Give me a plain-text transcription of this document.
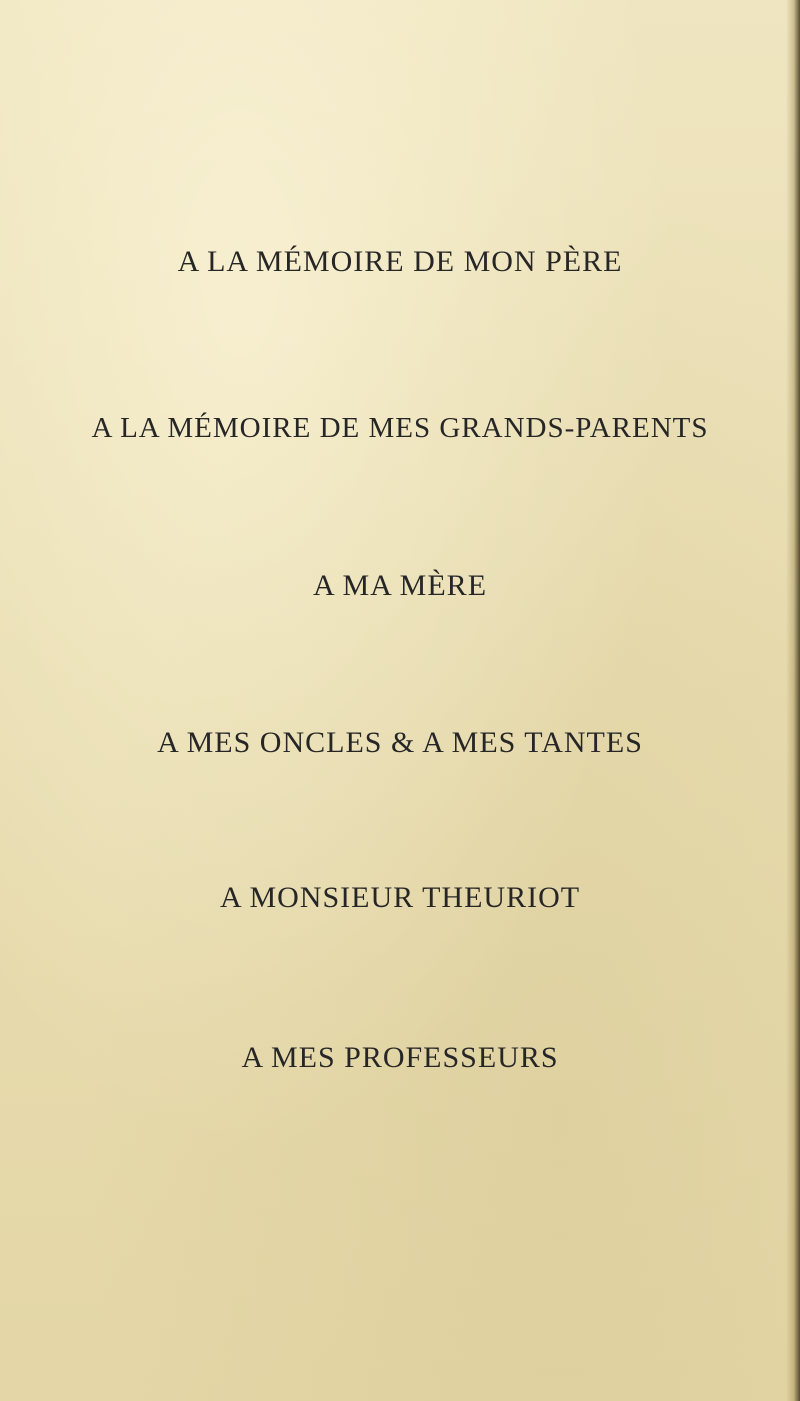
A LA MÉMOIRE DE MON PÈRE
A LA MÉMOIRE DE MES GRANDS-PARENTS
A MA MÈRE
A MES ONCLES & A MES TANTES
A MONSIEUR THEURIOT
A MES PROFESSEURS
